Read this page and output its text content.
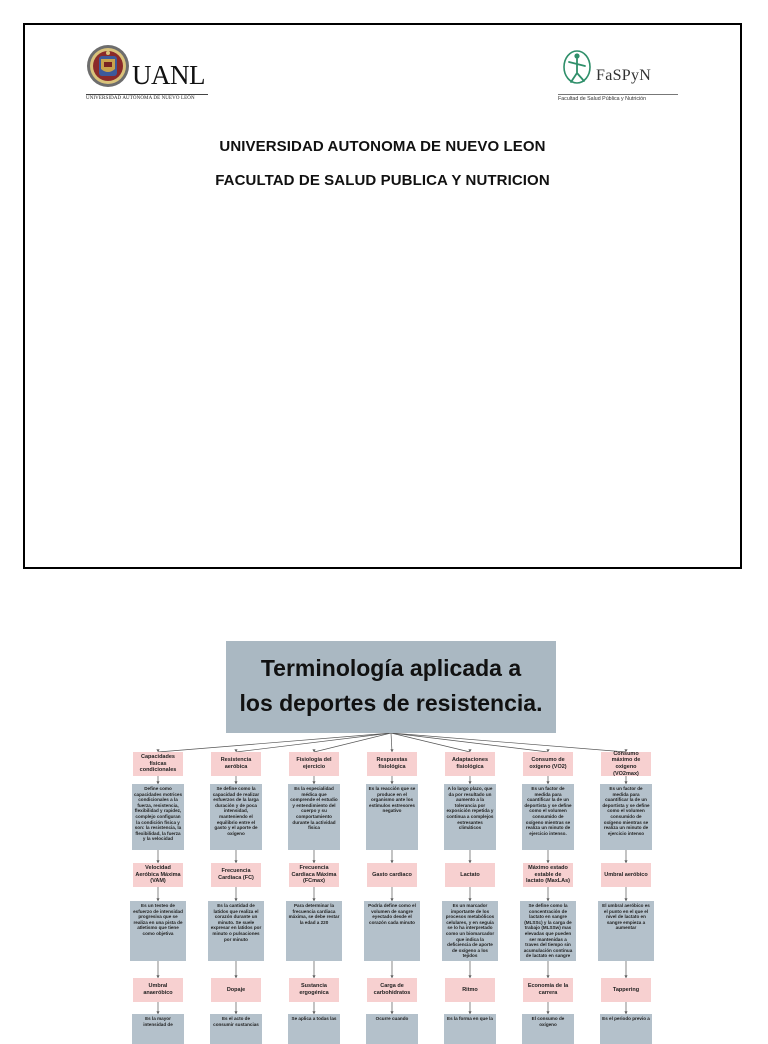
UANL
UNIVERSIDAD AUTÓNOMA DE NUEVO LEÓN
FaSPyN
Facultad de Salud Pública y Nutrición
UNIVERSIDAD AUTONOMA DE NUEVO LEON
FACULTAD DE SALUD PUBLICA Y NUTRICION
Terminología aplicada a
los deportes de resistencia.
Capacidades físicas condicionales
Define como capacidades motrices condicionales a la fuerza, resistencia, flexibilidad y rapidez, complejo configuran la condición física y son: la resistencia, la flexibilidad, la fuerza y la velocidad
Velocidad Aeróbica Máxima (VAM)
Es un testeo de esfuerzo de intensidad progresiva que se realiza en una pista de atletismo que tiene como objetiva
Umbral anaeróbico
Es la mayor intensidad de
Resistencia aeróbica
Se define como la capacidad de realizar esfuerzos de la larga duración y de poca intensidad, manteniendo el equilibrio entre el gasto y el aporte de oxígeno
Frecuencia Cardiaca (FC)
Es la cantidad de latidos que realiza el corazón durante un minuto. Se suele expresar en latidos por minuto o pulsaciones por minuto
Dopaje
Es el acto de consumir sustancias
Fisiología del ejercicio
Es la especialidad médica que comprende el estudio y entendimiento del cuerpo y su comportamiento durante la actividad física
Frecuencia Cardiaca Máxima (FCmax)
Para determinar la frecuencia cardiaca máxima, se debe restar la edad a 220
Sustancia ergogénica
Se aplica a todas las
Respuestas fisiológica
Es la reacción que se produce en el organismo ante los estímulos estresores negativo
Gasto cardiaco
Podría define como el volumen de sangre eyectado desde el corazón cada minuto
Carga de carbohidratos
Ocurre cuando
Adaptaciones fisiológica
A lo largo plazo, que da por resultado un aumento a la tolerancia por exposición repetida y continua a complejos estresantes climáticos
Lactato
Es un marcador importante de los procesos metabólicos celulares, y en seguía se lo ha interpretado como un biomarcador que indica la deficiencia de aporte de oxígeno a los tejidos
Ritmo
Es la forma en que la
Consumo de oxígeno (VO2)
Es un factor de medida para cuantificar la de un deportista y se define como el volumen consumido de oxígeno mientras se realiza un minuto de ejercicio intenso.
Máximo estado estable de lactato (MaxLAs)
Se define como la concentración de lactato en sangre (MLSSc) y la carga de trabajo (MLSSw) mas elevadas que pueden ser mantenidas a traves del tiempo sin acumulación continua de lactato en sangre
Economía de la carrera
El consumo de oxígeno
Consumo máximo de oxigeno (VO2max)
Es un factor de medida para cuantificar la de un deportista y se define como el volumen consumido de oxígeno mientras se realiza un minuto de ejercicio intenso
Umbral aeróbico
El umbral aeróbico es el punto en el que el nivel de lactato en sangre empieza a aumentar
Tappering
Es el periodo previo a
